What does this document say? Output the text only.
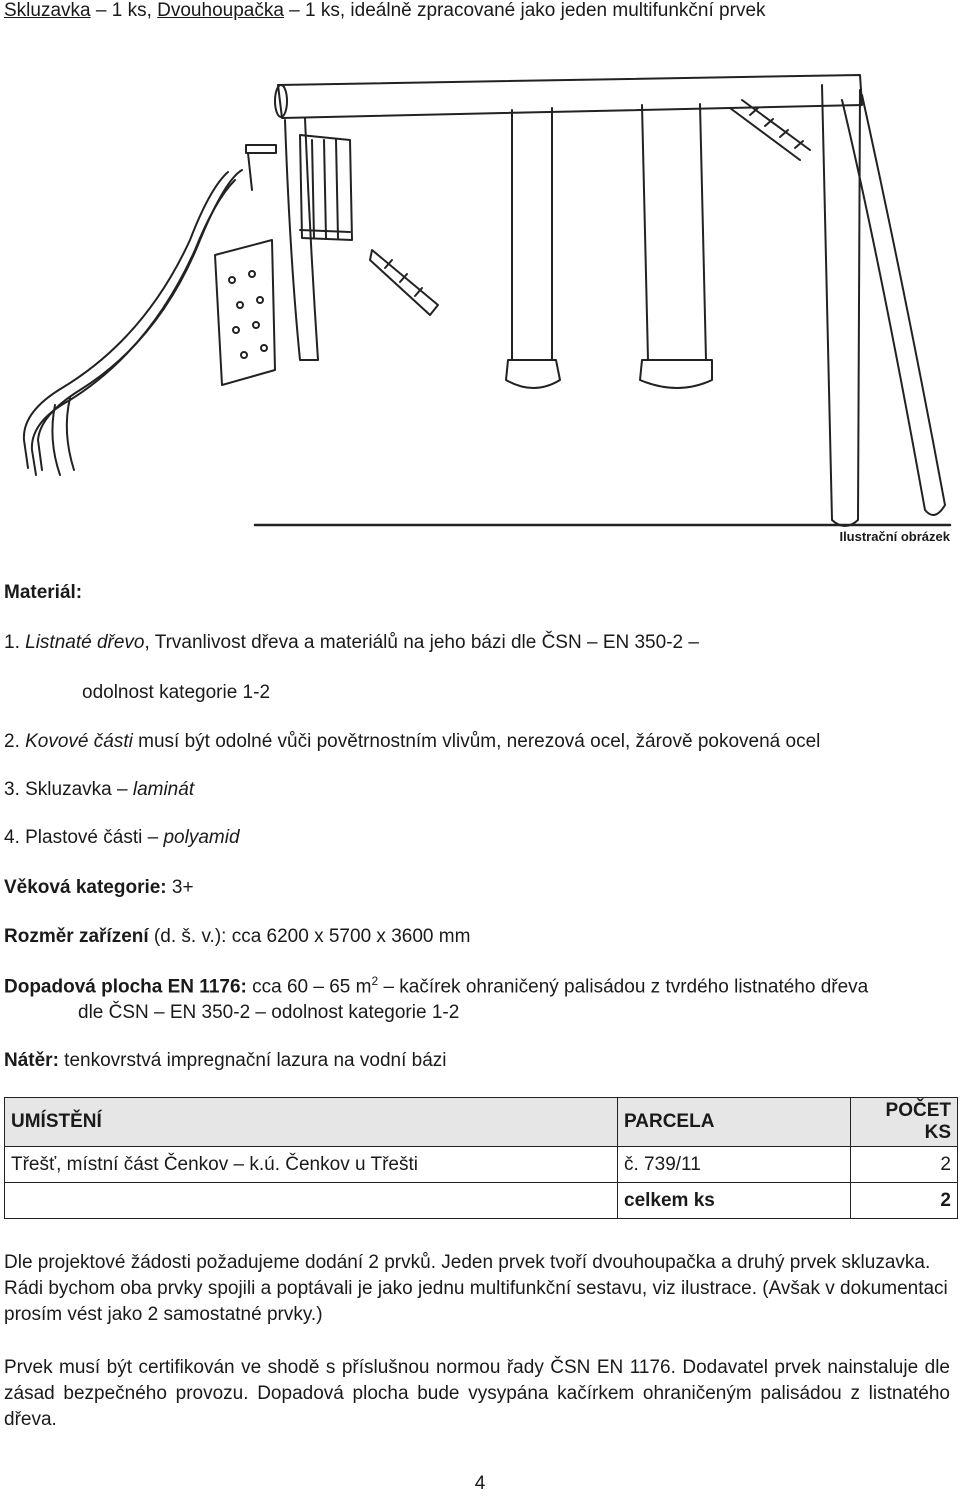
Skluzavka – 1 ks, Dvouhoupačka – 1 ks, ideálně zpracované jako jeden multifunkční prvek
Ilustrační obrázek
Materiál:
1. Listnaté dřevo, Trvanlivost dřeva a materiálů na jeho bázi dle ČSN – EN 350-2 –
odolnost kategorie 1-2
2. Kovové části musí být odolné vůči povětrnostním vlivům, nerezová ocel, žárově pokovená ocel
3. Skluzavka – laminát
4. Plastové části – polyamid
Věková kategorie: 3+
Rozměr zařízení (d. š. v.): cca 6200 x 5700 x 3600 mm
Dopadová plocha EN 1176: cca 60 – 65 $m^2$ – kačírek ohraničený palisádou z tvrdého listnatého dřeva
dle ČSN – EN 350-2 – odolnost kategorie 1-2
Nátěr: tenkovrstvá impregnační lazura na vodní bázi
UMÍSTĚNÍ	PARCELA	POČET KS
Třešť, místní část Čenkov – k.ú. Čenkov u Třešti	č. 739/11	2
	celkem ks	2
Dle projektové žádosti požadujeme dodání 2 prvků. Jeden prvek tvoří dvouhoupačka a druhý prvek skluzavka. Rádi bychom oba prvky spojili a poptávali je jako jednu multifunkční sestavu, viz ilustrace. (Avšak v dokumentaci prosím vést jako 2 samostatné prvky.)
Prvek musí být certifikován ve shodě s příslušnou normou řady ČSN EN 1176. Dodavatel prvek nainstaluje dle zásad bezpečného provozu. Dopadová plocha bude vysypána kačírkem ohraničeným palisádou z listnatého dřeva.
4
